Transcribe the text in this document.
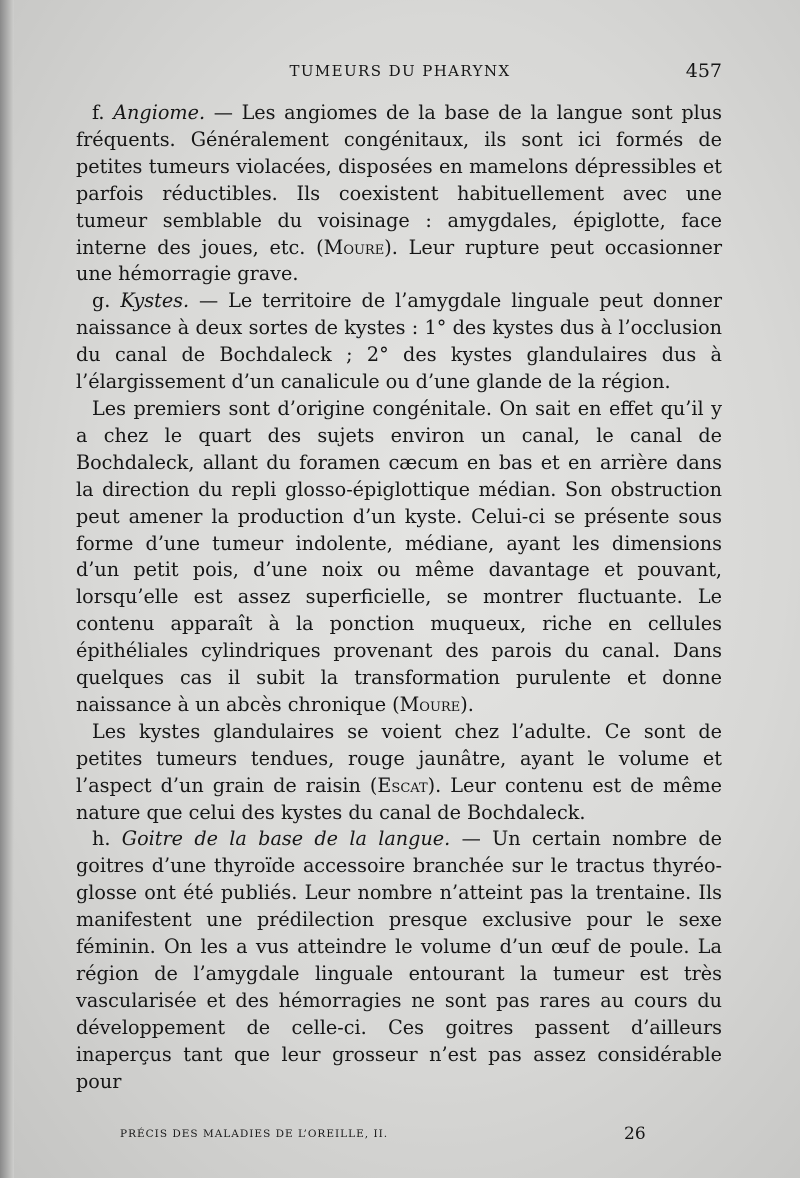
TUMEURS DU PHARYNX	457

f. Angiome. — Les angiomes de la base de la langue sont plus fréquents. Généralement congénitaux, ils sont ici formés de petites tumeurs violacées, disposées en mamelons dépressibles et parfois réductibles. Ils coexistent habituellement avec une tumeur semblable du voisinage : amygdales, épiglotte, face interne des joues, etc. (Moure). Leur rupture peut occasionner une hémorragie grave.

g. Kystes. — Le territoire de l’amygdale linguale peut donner naissance à deux sortes de kystes : 1° des kystes dus à l’occlusion du canal de Bochdaleck ; 2° des kystes glandulaires dus à l’élargissement d’un canalicule ou d’une glande de la région.

Les premiers sont d’origine congénitale. On sait en effet qu’il y a chez le quart des sujets environ un canal, le canal de Bochdaleck, allant du foramen cæcum en bas et en arrière dans la direction du repli glosso-épiglottique médian. Son obstruction peut amener la production d’un kyste. Celui-ci se présente sous forme d’une tumeur indolente, médiane, ayant les dimensions d’un petit pois, d’une noix ou même davantage et pouvant, lorsqu’elle est assez superficielle, se montrer fluctuante. Le contenu apparaît à la ponction muqueux, riche en cellules épithéliales cylindriques provenant des parois du canal. Dans quelques cas il subit la transformation purulente et donne naissance à un abcès chronique (Moure).

Les kystes glandulaires se voient chez l’adulte. Ce sont de petites tumeurs tendues, rouge jaunâtre, ayant le volume et l’aspect d’un grain de raisin (Escat). Leur contenu est de même nature que celui des kystes du canal de Bochdaleck.

h. Goitre de la base de la langue. — Un certain nombre de goitres d’une thyroïde accessoire branchée sur le tractus thyréo-glosse ont été publiés. Leur nombre n’atteint pas la trentaine. Ils manifestent une prédilection presque exclusive pour le sexe féminin. On les a vus atteindre le volume d’un œuf de poule. La région de l’amygdale linguale entourant la tumeur est très vascularisée et des hémorragies ne sont pas rares au cours du développement de celle-ci. Ces goitres passent d’ailleurs inaperçus tant que leur grosseur n’est pas assez considérable pour

PRÉCIS DES MALADIES DE L’OREILLE, II.	26
